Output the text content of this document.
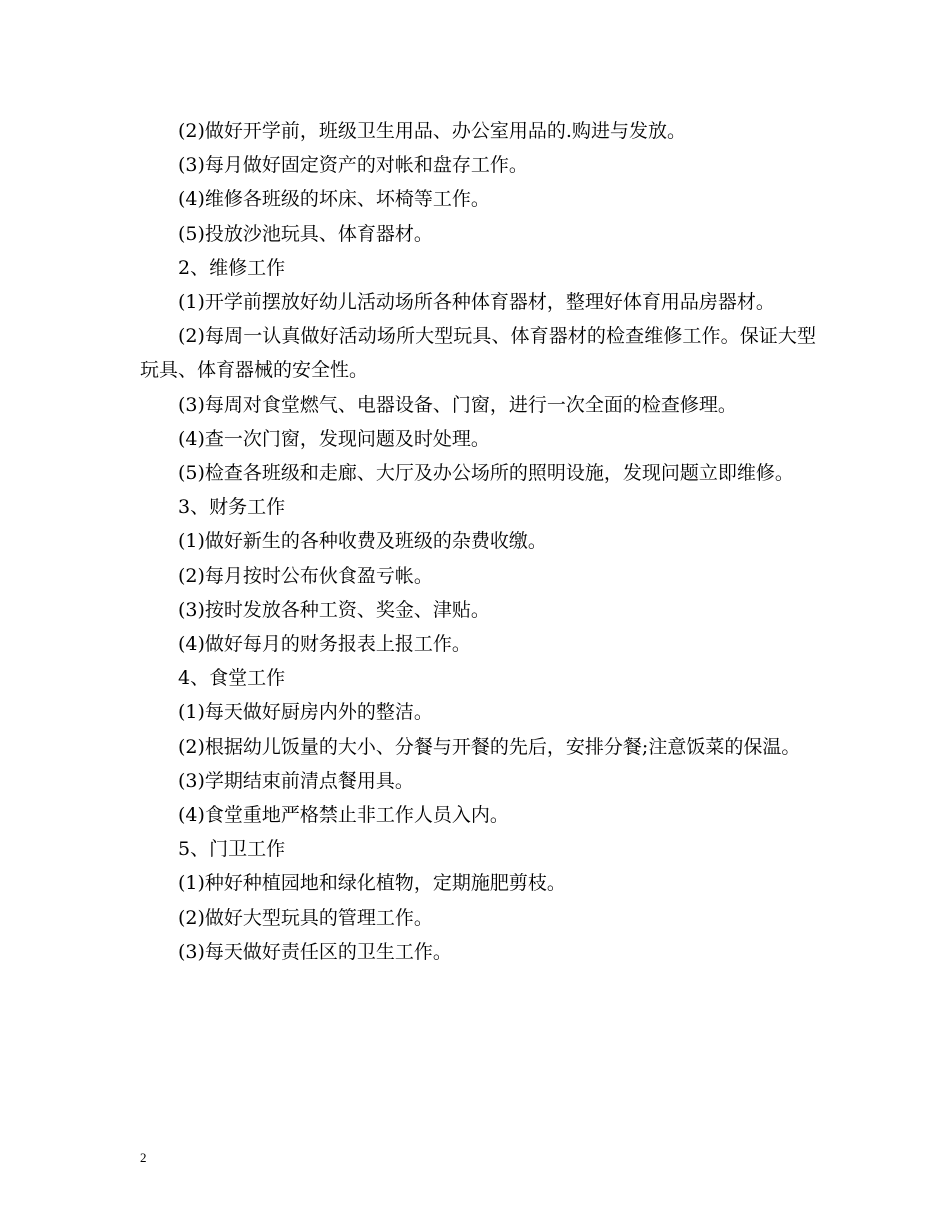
(2)做好开学前，班级卫生用品、办公室用品的.购进与发放。

(3)每月做好固定资产的对帐和盘存工作。

(4)维修各班级的坏床、坏椅等工作。

(5)投放沙池玩具、体育器材。

2、维修工作

(1)开学前摆放好幼儿活动场所各种体育器材，整理好体育用品房器材。

(2)每周一认真做好活动场所大型玩具、体育器材的检查维修工作。保证大型玩具、体育器械的安全性。

(3)每周对食堂燃气、电器设备、门窗，进行一次全面的检查修理。

(4)查一次门窗，发现问题及时处理。

(5)检查各班级和走廊、大厅及办公场所的照明设施，发现问题立即维修。

3、财务工作

(1)做好新生的各种收费及班级的杂费收缴。

(2)每月按时公布伙食盈亏帐。

(3)按时发放各种工资、奖金、津贴。

(4)做好每月的财务报表上报工作。

4、食堂工作

(1)每天做好厨房内外的整洁。

(2)根据幼儿饭量的大小、分餐与开餐的先后，安排分餐;注意饭菜的保温。

(3)学期结束前清点餐用具。

(4)食堂重地严格禁止非工作人员入内。

5、门卫工作

(1)种好种植园地和绿化植物，定期施肥剪枝。

(2)做好大型玩具的管理工作。

(3)每天做好责任区的卫生工作。

2
